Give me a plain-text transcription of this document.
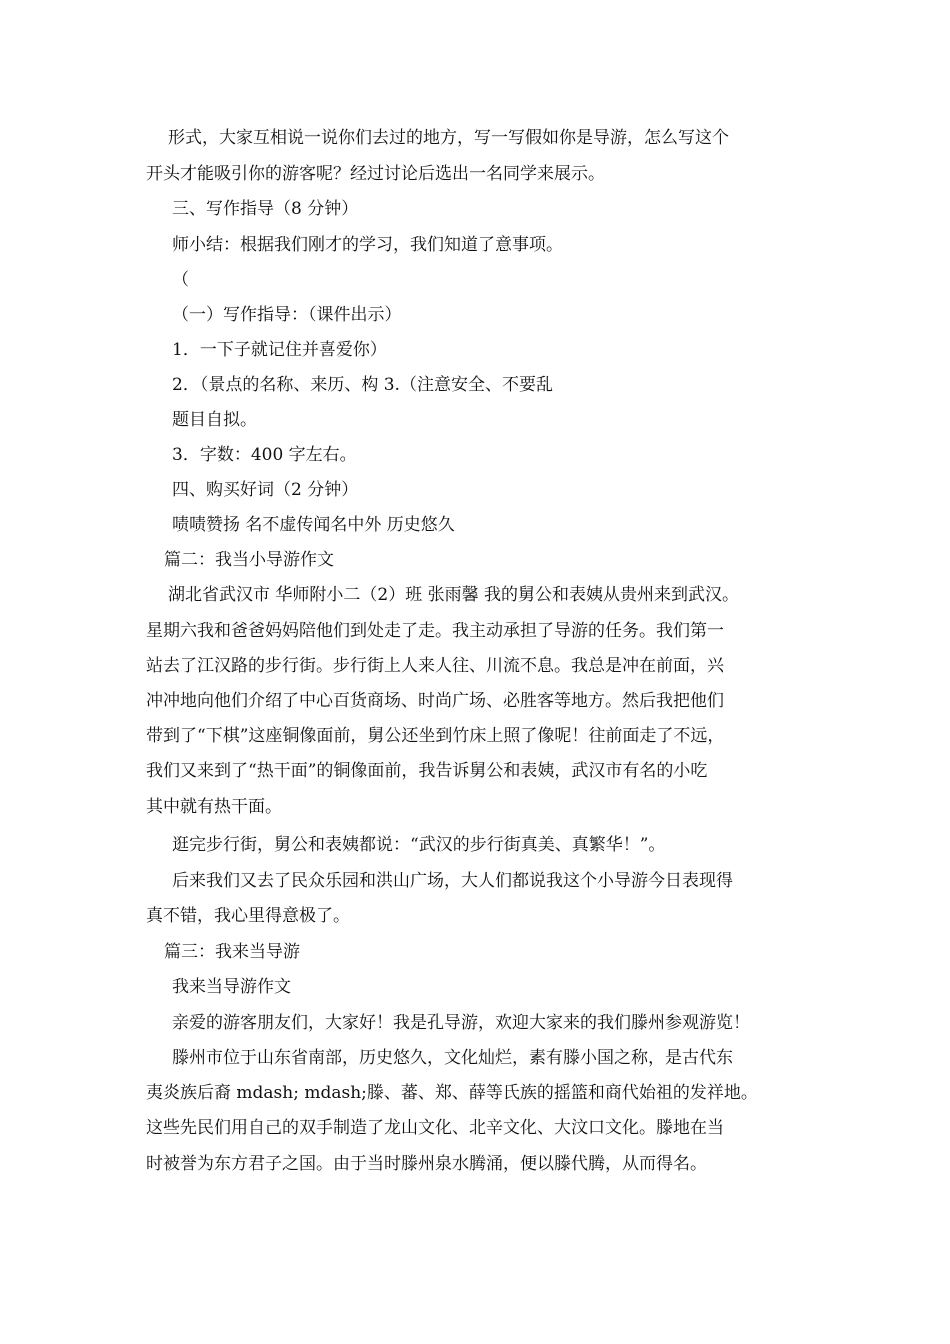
形式，大家互相说一说你们去过的地方，写一写假如你是导游，怎么写这个
开头才能吸引你的游客呢？经过讨论后选出一名同学来展示。
三、写作指导（8 分钟）
师小结：根据我们刚才的学习，我们知道了意事项。
（
（一）写作指导：（课件出示）
1．一下子就记住并喜爱你）
2．（景点的名称、来历、构 3.（注意安全、不要乱
题目自拟。
3．字数：400 字左右。
四、购买好词（2 分钟）
啧啧赞扬 名不虚传闻名中外 历史悠久
篇二：我当小导游作文
湖北省武汉市 华师附小二（2）班 张雨馨 我的舅公和表姨从贵州来到武汉。
星期六我和爸爸妈妈陪他们到处走了走。我主动承担了导游的任务。我们第一
站去了江汉路的步行街。步行街上人来人往、川流不息。我总是冲在前面，兴
冲冲地向他们介绍了中心百货商场、时尚广场、必胜客等地方。然后我把他们
带到了“下棋”这座铜像面前，舅公还坐到竹床上照了像呢！往前面走了不远，
我们又来到了“热干面”的铜像面前，我告诉舅公和表姨，武汉市有名的小吃
其中就有热干面。
逛完步行街，舅公和表姨都说：“武汉的步行街真美、真繁华！”。
后来我们又去了民众乐园和洪山广场，大人们都说我这个小导游今日表现得
真不错，我心里得意极了。
篇三：我来当导游
我来当导游作文
亲爱的游客朋友们，大家好！我是孔导游，欢迎大家来的我们滕州参观游览！
滕州市位于山东省南部，历史悠久，文化灿烂，素有滕小国之称，是古代东
夷炎族后裔 mdash; mdash;滕、蕃、郑、薛等氏族的摇篮和商代始祖的发祥地。
这些先民们用自己的双手制造了龙山文化、北辛文化、大汶口文化。滕地在当
时被誉为东方君子之国。由于当时滕州泉水腾涌，便以滕代腾，从而得名。
